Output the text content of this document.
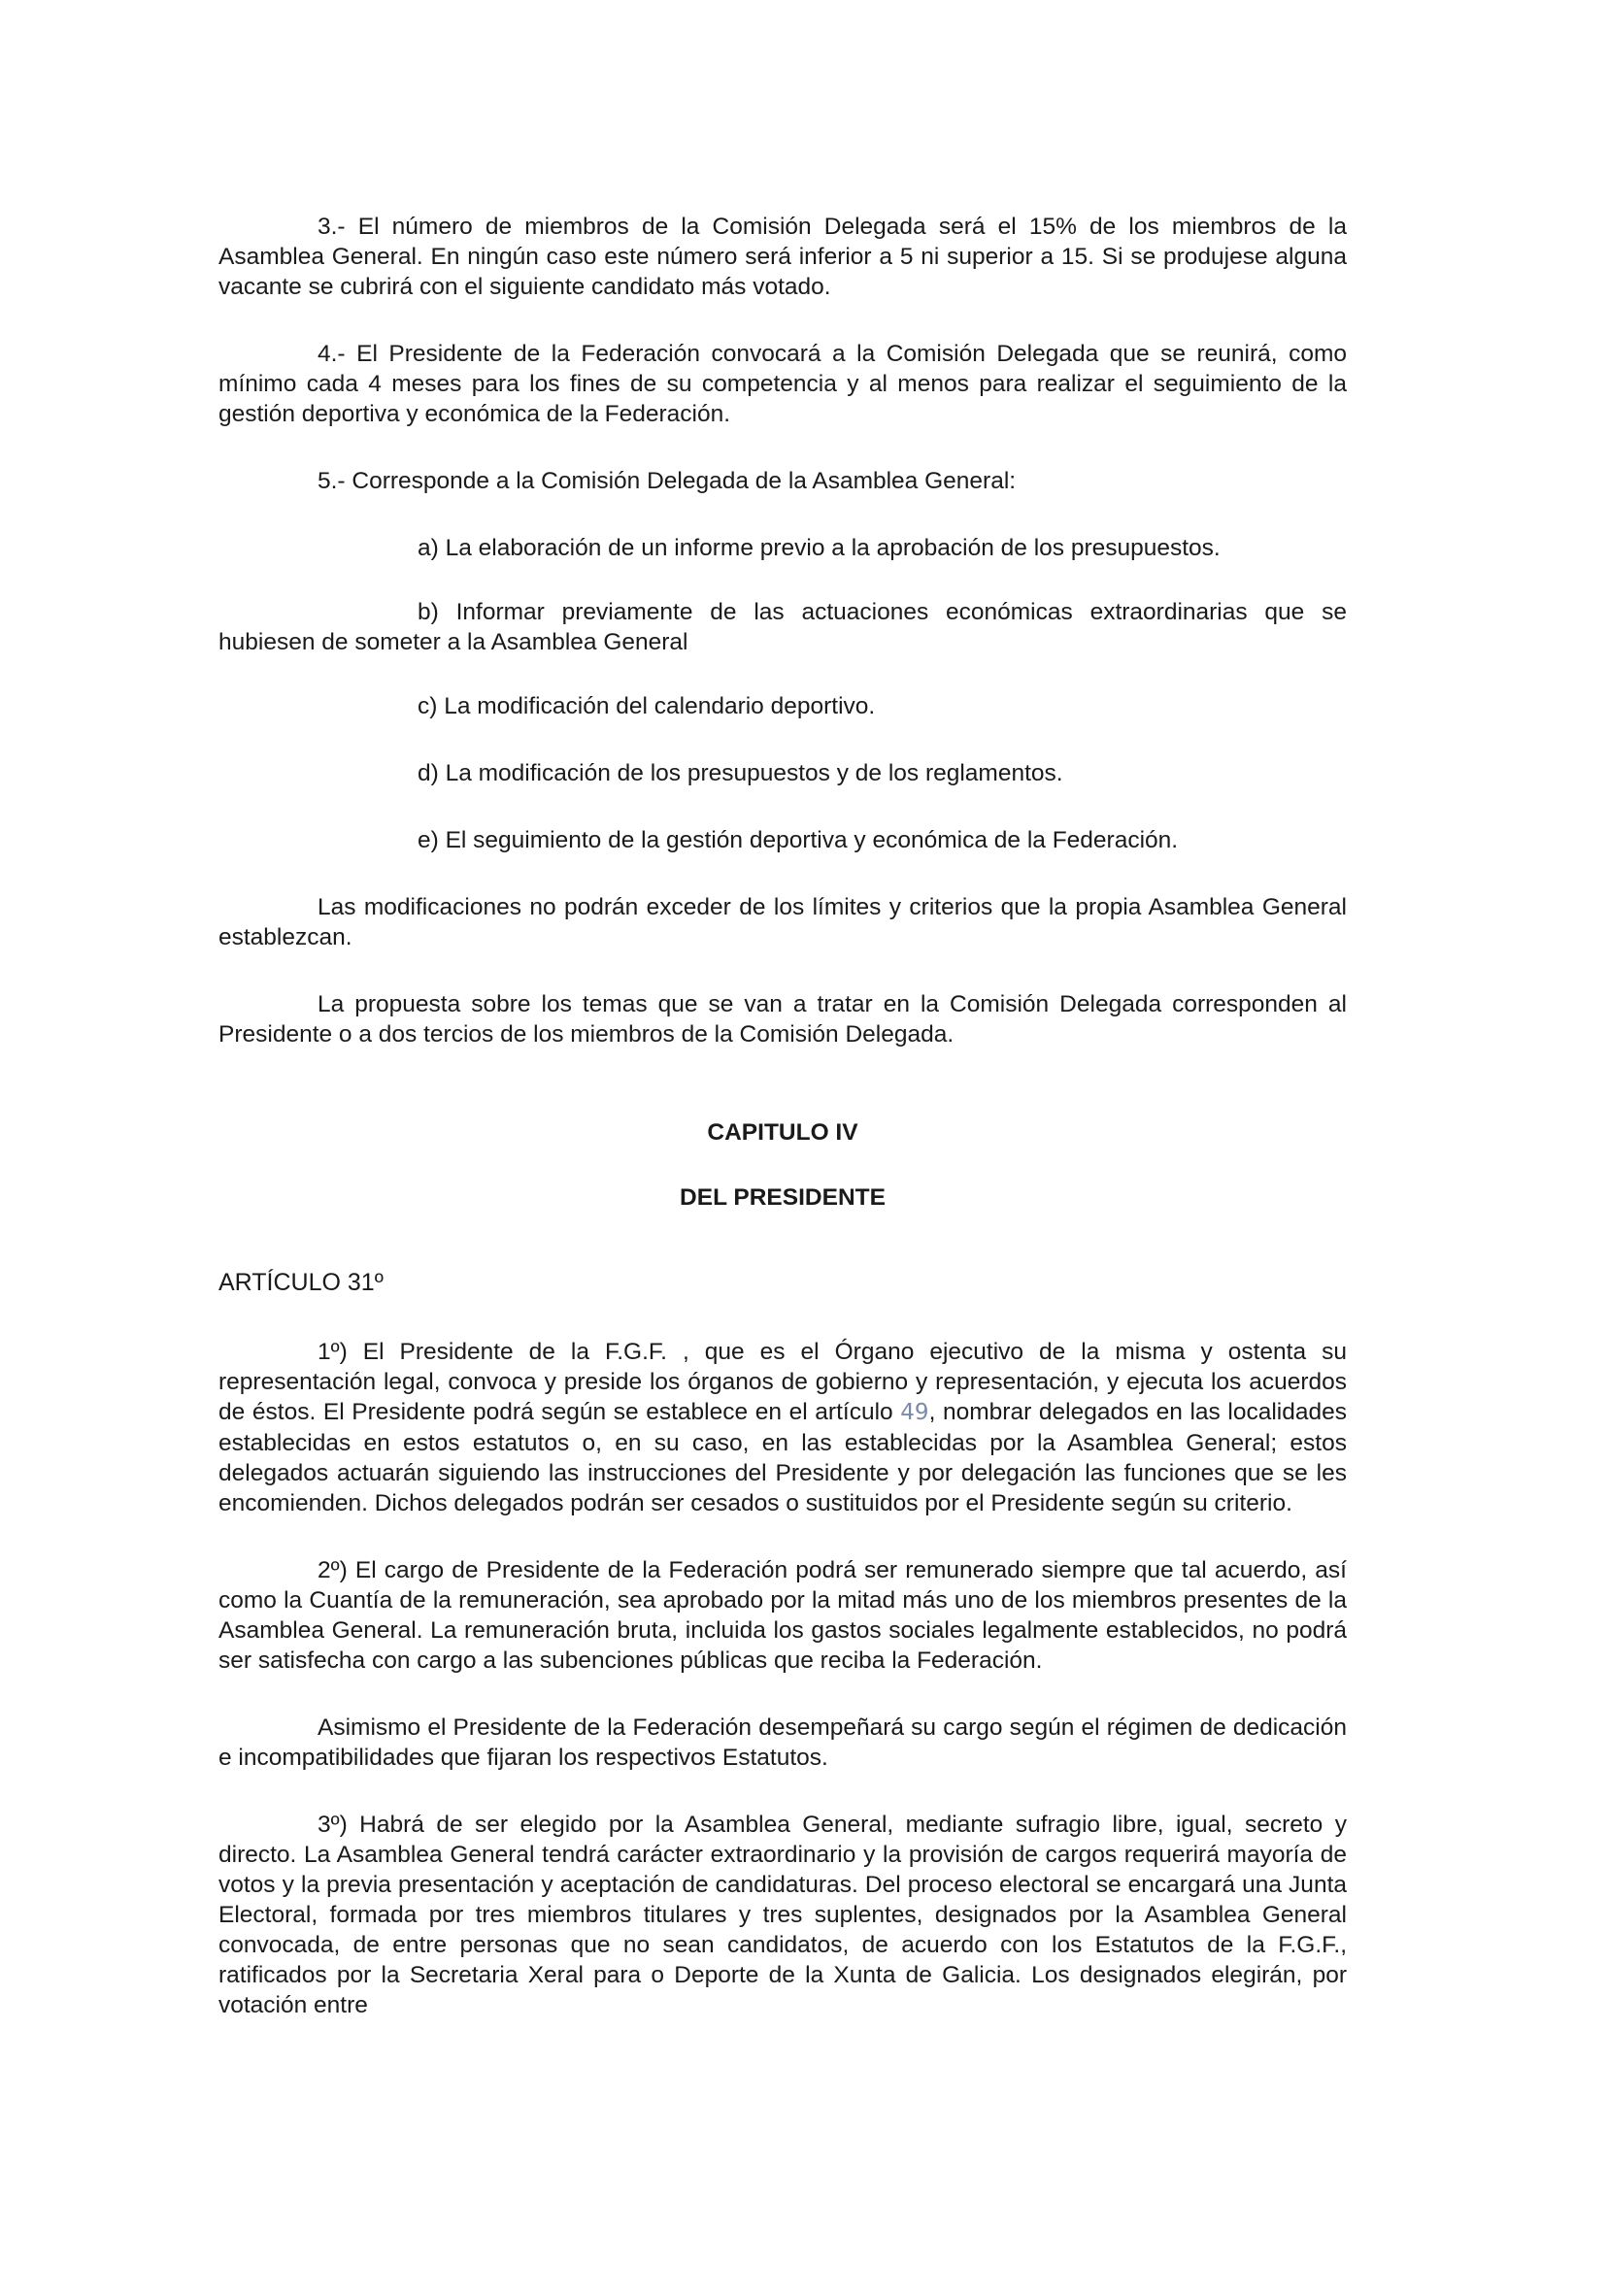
3.- El número de miembros de la Comisión Delegada será el 15% de los miembros de la Asamblea General. En ningún caso este número será inferior a 5 ni superior a 15. Si se produjese alguna vacante se cubrirá con el siguiente candidato más votado.

4.- El Presidente de la Federación convocará a la Comisión Delegada que se reunirá, como mínimo cada 4 meses para los fines de su competencia y al menos para realizar el seguimiento de la gestión deportiva y económica de la Federación.

5.- Corresponde a la Comisión Delegada de la Asamblea General:

a) La elaboración de un informe previo a la aprobación de los presupuestos.

b) Informar previamente de las actuaciones económicas extraordinarias que se hubiesen de someter a la Asamblea General

c) La modificación del calendario deportivo.

d) La modificación de los presupuestos y de los reglamentos.

e) El seguimiento de la gestión deportiva y económica de la Federación.

Las modificaciones no podrán exceder de los límites y criterios que la propia Asamblea General establezcan.

La propuesta sobre los temas que se van a tratar en la Comisión Delegada corresponden al Presidente o a dos tercios de los miembros de la Comisión Delegada.

CAPITULO IV

DEL PRESIDENTE

ARTÍCULO 31º

1º) El Presidente de la F.G.F. , que es el Órgano ejecutivo de la misma y ostenta su representación legal, convoca y preside los órganos de gobierno y representación, y ejecuta los acuerdos de éstos. El Presidente podrá según se establece en el artículo 49, nombrar delegados en las localidades establecidas en estos estatutos o, en su caso, en las establecidas por la Asamblea General; estos delegados actuarán siguiendo las instrucciones del Presidente y por delegación las funciones que se les encomienden. Dichos delegados podrán ser cesados o sustituidos por el Presidente según su criterio.

2º) El cargo de Presidente de la Federación podrá ser remunerado siempre que tal acuerdo, así como la Cuantía de la remuneración, sea aprobado por la mitad más uno de los miembros presentes de la Asamblea General. La remuneración bruta, incluida los gastos sociales legalmente establecidos, no podrá ser satisfecha con cargo a las subenciones públicas que reciba la Federación.

Asimismo el Presidente de la Federación desempeñará su cargo según el régimen de dedicación e incompatibilidades que fijaran los respectivos Estatutos.

3º) Habrá de ser elegido por la Asamblea General, mediante sufragio libre, igual, secreto y directo. La Asamblea General tendrá carácter extraordinario y la provisión de cargos requerirá mayoría de votos y la previa presentación y aceptación de candidaturas. Del proceso electoral se encargará una Junta Electoral, formada por tres miembros titulares y tres suplentes, designados por la Asamblea General convocada, de entre personas que no sean candidatos, de acuerdo con los Estatutos de la F.G.F., ratificados por la Secretaria Xeral para o Deporte de la Xunta de Galicia. Los designados elegirán, por votación entre
